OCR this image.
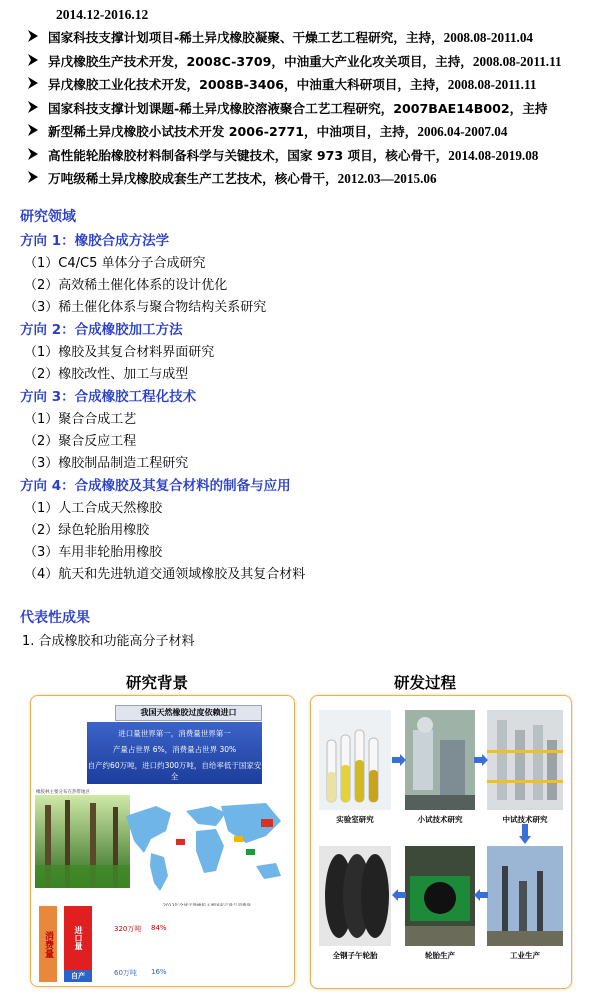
2014.12-2016.12
国家科技支撑计划项目-稀土异戊橡胶凝聚、干燥工艺工程研究，主持，2008.08-2011.04
异戊橡胶生产技术开发，2008C-3709，中油重大产业化攻关项目，主持，2008.08-2011.11
异戊橡胶工业化技术开发，2008B-3406，中油重大科研项目，主持，2008.08-2011.11
国家科技支撑计划课题-稀土异戊橡胶溶液聚合工艺工程研究，2007BAE14B002，主持
新型稀土异戊橡胶小试技术开发 2006-2771，中油项目，主持，2006.04-2007.04
高性能轮胎橡胶材料制备科学与关键技术，国家 973 项目，核心骨干，2014.08-2019.08
万吨级稀土异戊橡胶成套生产工艺技术，核心骨干，2012.03—2015.06
研究领域
方向 1：橡胶合成方法学
（1）C4/C5 单体分子合成研究
（2）高效稀土催化体系的设计优化
（3）稀土催化体系与聚合物结构关系研究
方向 2：合成橡胶加工方法
（1）橡胶及其复合材料界面研究
（2）橡胶改性、加工与成型
方向 3：合成橡胶工程化技术
（1）聚合合成工艺
（2）聚合反应工程
（3）橡胶制品制造工程研究
方向 4：合成橡胶及其复合材料的制备与应用
（1）人工合成天然橡胶
（2）绿色轮胎用橡胶
（3）车用非轮胎用橡胶
（4）航天和先进轨道交通领域橡胶及其复合材料
代表性成果
1. 合成橡胶和功能高分子材料
研究背景	研发过程
我国天然橡胶过度依赖进口
进口量世界第一，消费量世界第一
产量占世界 6%，消费量占世界 30%
自产约60万吨，进口约300万吨，自给率低于国家安全
橡胶林主要分布在热带地区
消费量	进口量
自产
320万吨 84%
60万吨 16%
实验室研究	小试技术研究	中试技术研究
全钢子午轮胎	轮胎生产	工业生产
